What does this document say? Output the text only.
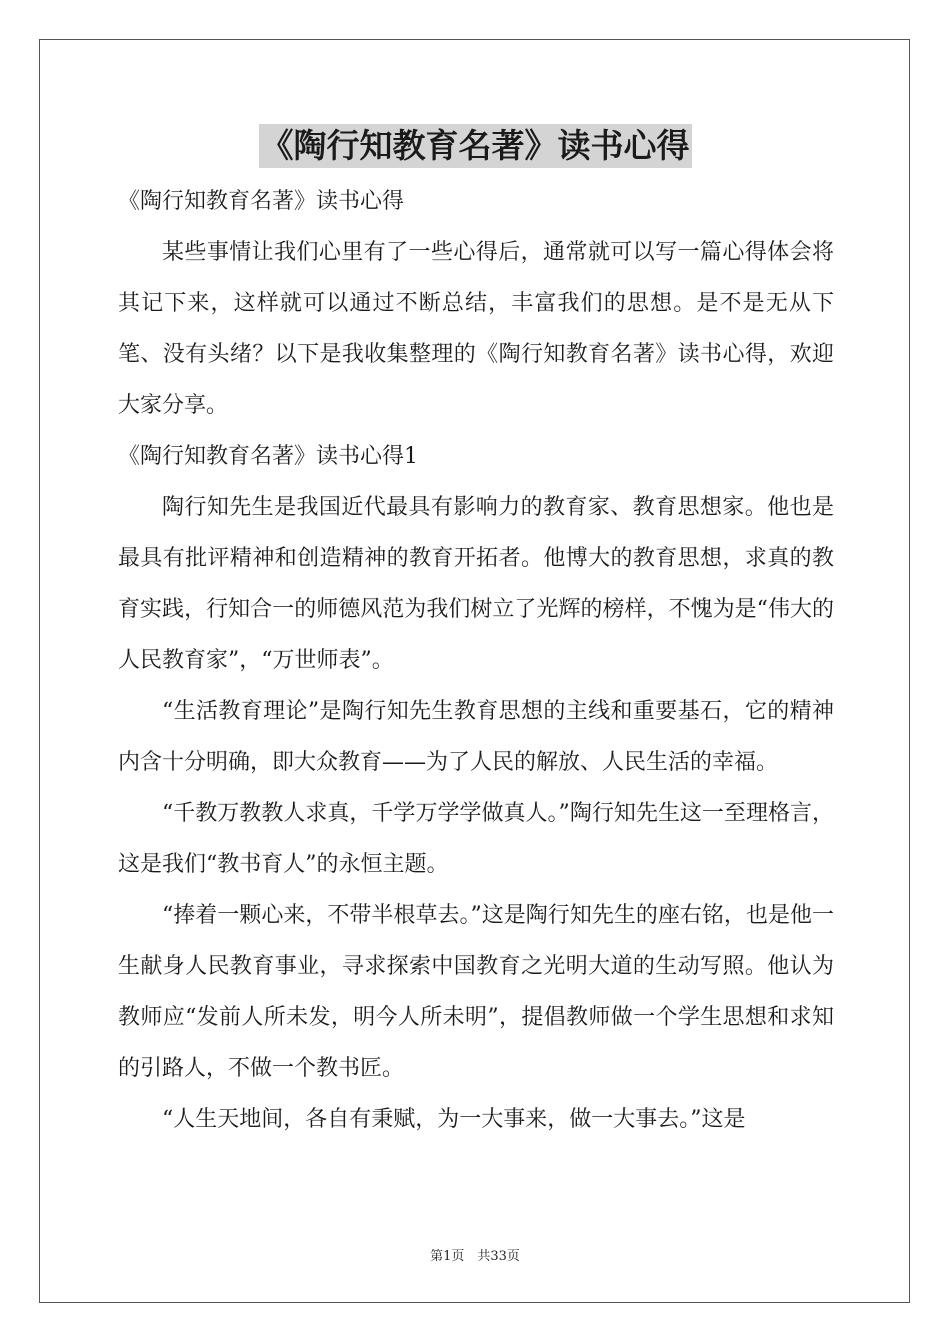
《陶行知教育名著》读书心得

《陶行知教育名著》读书心得

某些事情让我们心里有了一些心得后，通常就可以写一篇心得体会将其记下来，这样就可以通过不断总结，丰富我们的思想。是不是无从下笔、没有头绪？以下是我收集整理的《陶行知教育名著》读书心得，欢迎大家分享。

《陶行知教育名著》读书心得1

陶行知先生是我国近代最具有影响力的教育家、教育思想家。他也是最具有批评精神和创造精神的教育开拓者。他博大的教育思想，求真的教育实践，行知合一的师德风范为我们树立了光辉的榜样，不愧为是“伟大的人民教育家”，“万世师表”。

“生活教育理论”是陶行知先生教育思想的主线和重要基石，它的精神内含十分明确，即大众教育——为了人民的解放、人民生活的幸福。

“千教万教教人求真，千学万学学做真人。”陶行知先生这一至理格言，这是我们“教书育人”的永恒主题。

“捧着一颗心来，不带半根草去。”这是陶行知先生的座右铭，也是他一生献身人民教育事业，寻求探索中国教育之光明大道的生动写照。他认为教师应“发前人所未发，明今人所未明”，提倡教师做一个学生思想和求知的引路人，不做一个教书匠。

“人生天地间，各自有秉赋，为一大事来，做一大事去。”这是

第1页　共33页
